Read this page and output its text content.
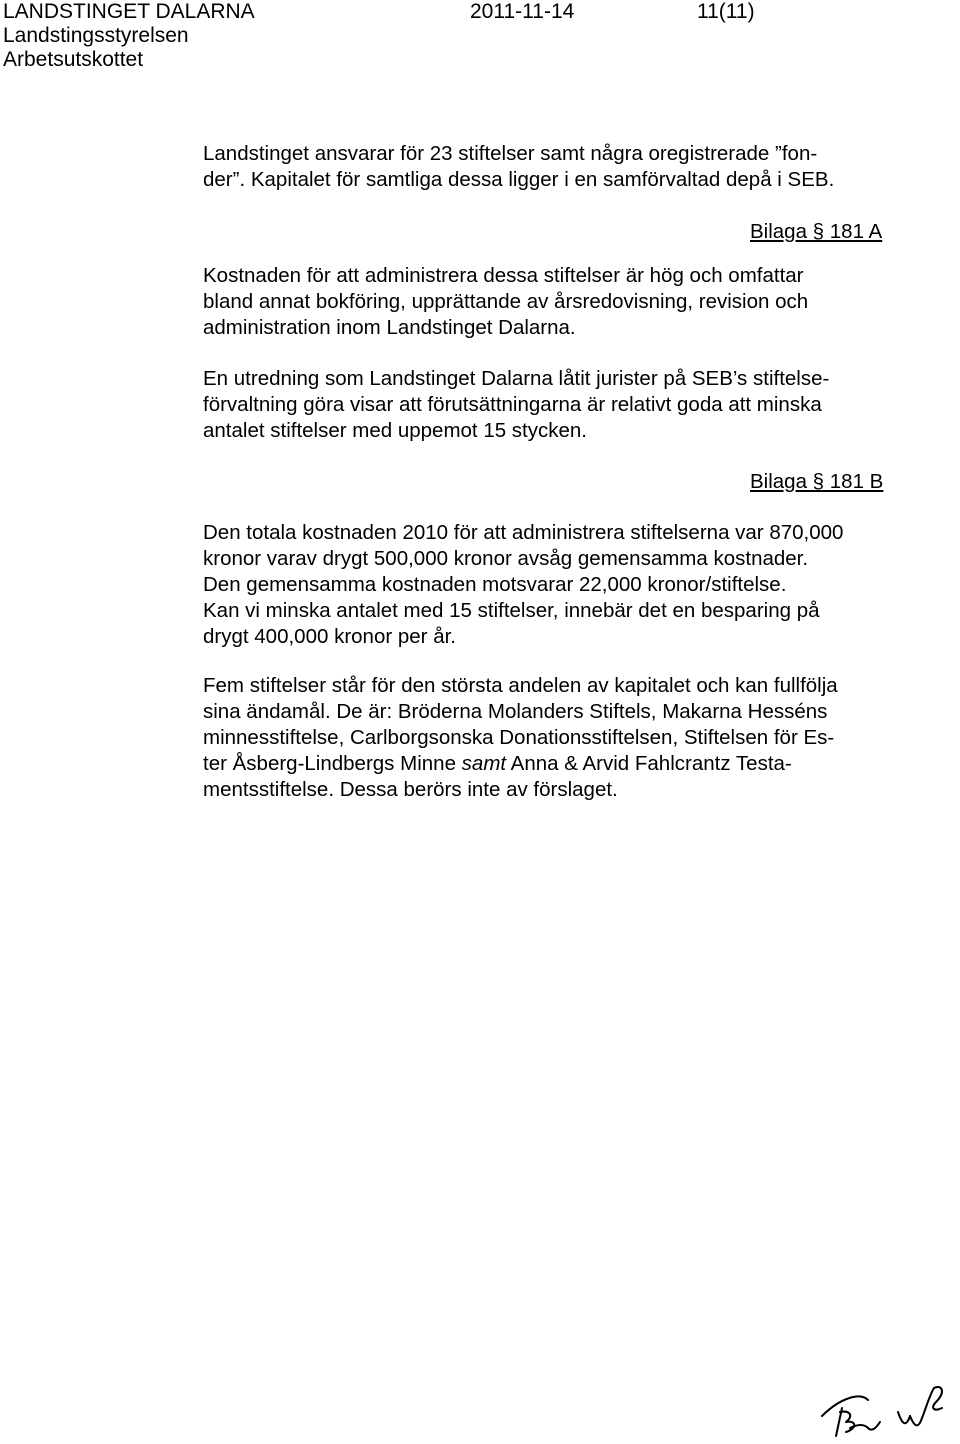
LANDSTINGET DALARNA	2011-11-14	11(11)
Landstingsstyrelsen
Arbetsutskottet

Landstinget ansvarar för 23 stiftelser samt några oregistrerade ”fon-
der”. Kapitalet för samtliga dessa ligger i en samförvaltad depå i SEB.

Bilaga § 181 A

Kostnaden för att administrera dessa stiftelser är hög och omfattar
bland annat bokföring, upprättande av årsredovisning, revision och
administration inom Landstinget Dalarna.

En utredning som Landstinget Dalarna låtit jurister på SEB’s stiftelse-
förvaltning göra visar att förutsättningarna är relativt goda att minska
antalet stiftelser med uppemot 15 stycken.

Bilaga § 181 B

Den totala kostnaden 2010 för att administrera stiftelserna var 870,000
kronor varav drygt 500,000 kronor avsåg gemensamma kostnader.
Den gemensamma kostnaden motsvarar 22,000 kronor/stiftelse.
Kan vi minska antalet med 15 stiftelser, innebär det en besparing på
drygt 400,000 kronor per år.

Fem stiftelser står för den största andelen av kapitalet och kan fullfölja
sina ändamål. De är: Bröderna Molanders Stiftels, Makarna Hesséns
minnesstiftelse, Carlborgsonska Donationsstiftelsen, Stiftelsen för Es-
ter Åsberg-Lindbergs Minne samt Anna & Arvid Fahlcrantz Testa-
mentsstiftelse. Dessa berörs inte av förslaget.
